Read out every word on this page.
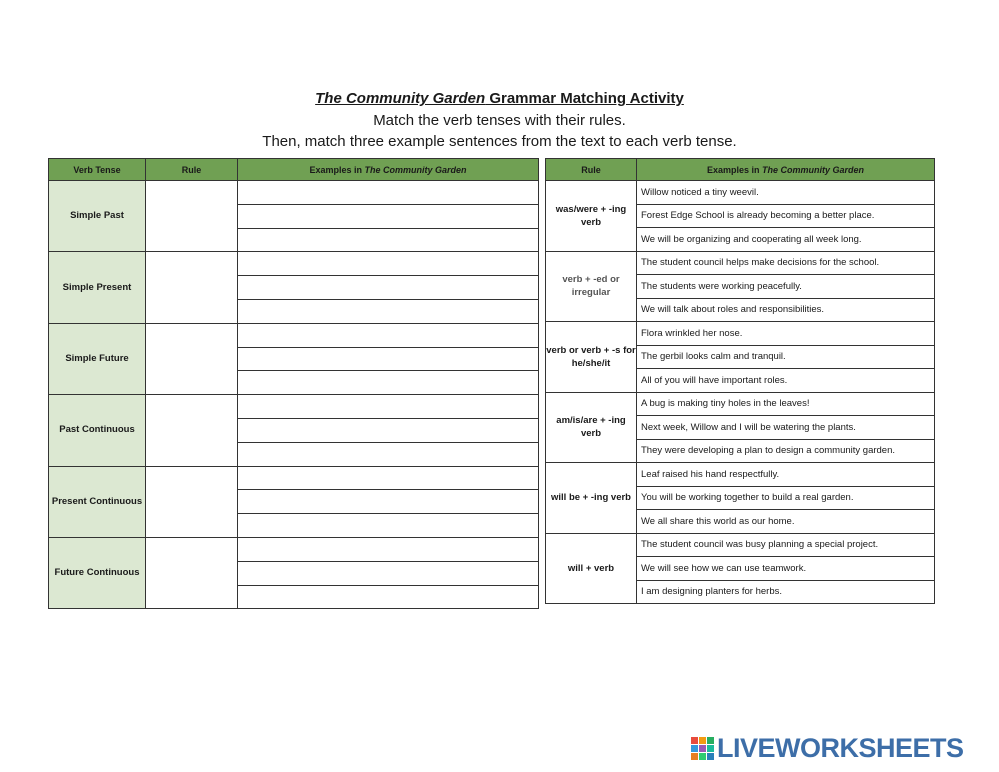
The Community Garden Grammar Matching Activity
Match the verb tenses with their rules.
Then, match three example sentences from the text to each verb tense.
Verb Tense	Rule	Examples in The Community Garden
Simple Past		

Simple Present		

Simple Future		

Past Continuous		

Present Continuous		

Future Continuous		

Rule	Examples in The Community Garden
was/were + -ing verb	Willow noticed a tiny weevil.
	Forest Edge School is already becoming a better place.
	We will be organizing and cooperating all week long.
verb + -ed or irregular	The student council helps make decisions for the school.
	The students were working peacefully.
	We will talk about roles and responsibilities.
verb or verb + -s for he/she/it	Flora wrinkled her nose.
	The gerbil looks calm and tranquil.
	All of you will have important roles.
am/is/are + -ing verb	A bug is making tiny holes in the leaves!
	Next week, Willow and I will be watering the plants.
	They were developing a plan to design a community garden.
will be + -ing verb	Leaf raised his hand respectfully.
	You will be working together to build a real garden.
	We all share this world as our home.
will + verb	The student council was busy planning a special project.
	We will see how we can use teamwork.
	I am designing planters for herbs.
LIVEWORKSHEETS
